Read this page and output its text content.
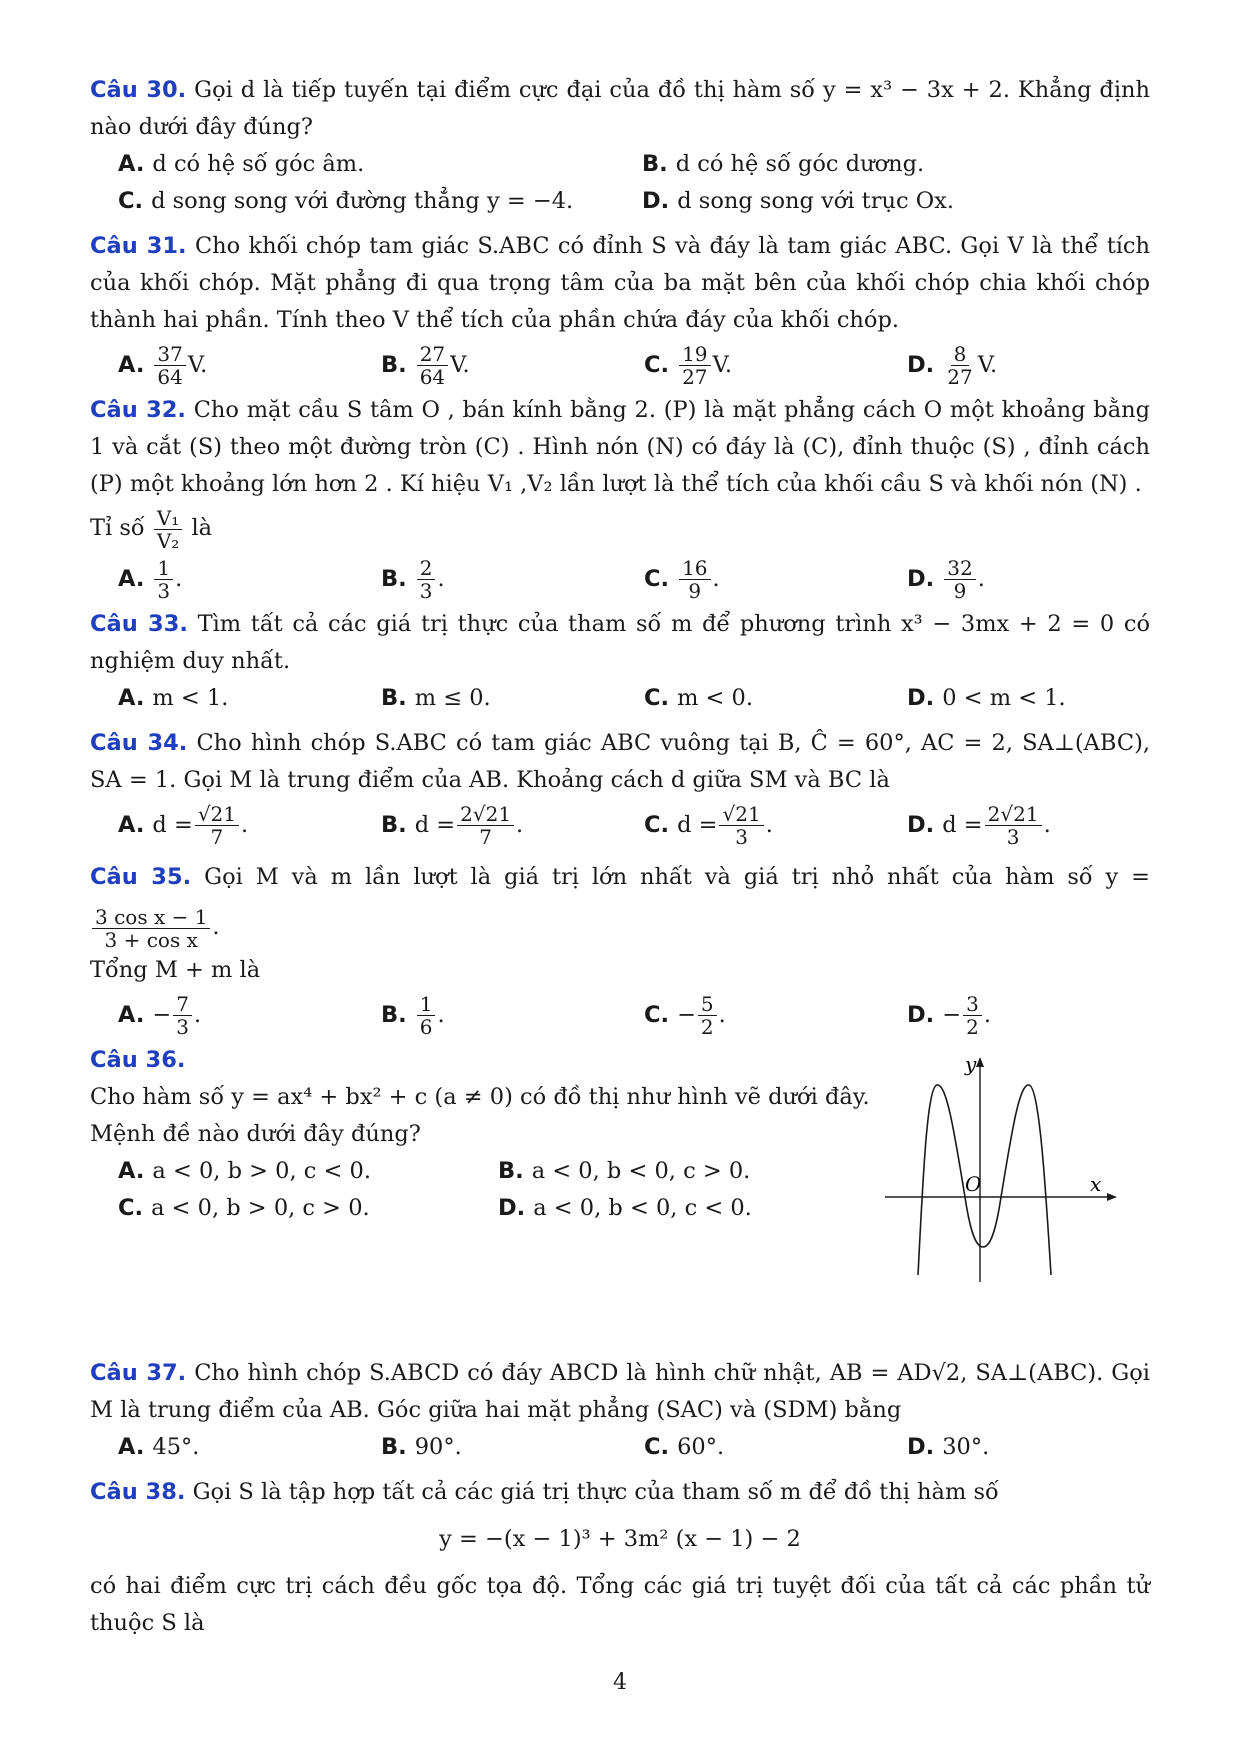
Câu 30. Gọi d là tiếp tuyến tại điểm cực đại của đồ thị hàm số y = x³ − 3x + 2. Khẳng định nào dưới đây đúng?

A. d có hệ số góc âm.	B. d có hệ số góc dương.
C. d song song với đường thẳng y = −4.	D. d song song với trục Ox.

Câu 31. Cho khối chóp tam giác S.ABC có đỉnh S và đáy là tam giác ABC. Gọi V là thể tích của khối chóp. Mặt phẳng đi qua trọng tâm của ba mặt bên của khối chóp chia khối chóp thành hai phần. Tính theo V thể tích của phần chứa đáy của khối chóp.

A. $\frac{37}{64} V$.	B. $\frac{27}{64} V$.	C. $\frac{19}{27} V$.	D. $\frac{8}{27} V$.

Câu 32. Cho mặt cầu S tâm O , bán kính bằng 2. (P) là mặt phẳng cách O một khoảng bằng 1 và cắt (S) theo một đường tròn (C) . Hình nón (N) có đáy là (C), đỉnh thuộc (S) , đỉnh cách (P) một khoảng lớn hơn 2 . Kí hiệu V₁ ,V₂ lần lượt là thể tích của khối cầu S và khối nón (N) .

Tỉ số $\frac{\text{V₁}}{\text{V₂}}$ là

A. $\frac{1}{3}$ .	B. $\frac{2}{3}$ .	C. $\frac{16}{9}$ .	D. $\frac{32}{9}$ .

Câu 33. Tìm tất cả các giá trị thực của tham số m để phương trình x³ − 3mx + 2 = 0 có nghiệm duy nhất.

A. m < 1.	B. m ≤ 0.	C. m < 0.	D. 0 < m < 1.

Câu 34. Cho hình chóp S.ABC có tam giác ABC vuông tại B, Ĉ = 60°, AC = 2, SA⊥(ABC), SA = 1. Gọi M là trung điểm của AB. Khoảng cách d giữa SM và BC là

A. $d = \frac{√21}{7}$ .	B. $d = \frac{2√21}{7}$ .	C. $d = \frac{√21}{3}$ .	D. $d = \frac{2√21}{3}$ .

Câu 35. Gọi M và m lần lượt là giá trị lớn nhất và giá trị nhỏ nhất của hàm số y =
$\frac{\text{3 cos x − 1}}{\text{3 + cos x}}$ .

Tổng M + m là

A. − $\frac{7}{3}$ .	B. $\frac{1}{6}$ .	C. − $\frac{5}{2}$ .	D. − $\frac{3}{2}$ .

Câu 36.

Cho hàm số y = ax⁴ + bx² + c (a ≠ 0) có đồ thị như hình vẽ dưới đây.

Mệnh đề nào dưới đây đúng?

A. a < 0, b > 0, c < 0.	B. a < 0, b < 0, c > 0.
C. a < 0, b > 0, c > 0.	D. a < 0, b < 0, c < 0.
y
x
O

Câu 37. Cho hình chóp S.ABCD có đáy ABCD là hình chữ nhật, AB = AD√2, SA⊥(ABC). Gọi M là trung điểm của AB. Góc giữa hai mặt phẳng (SAC) và (SDM) bằng

A. 45°.	B. 90°.	C. 60°.	D. 30°.

Câu 38. Gọi S là tập hợp tất cả các giá trị thực của tham số m để đồ thị hàm số

y = −(x − 1)³ + 3m² (x − 1) − 2

có hai điểm cực trị cách đều gốc tọa độ. Tổng các giá trị tuyệt đối của tất cả các phần tử thuộc S là

4
